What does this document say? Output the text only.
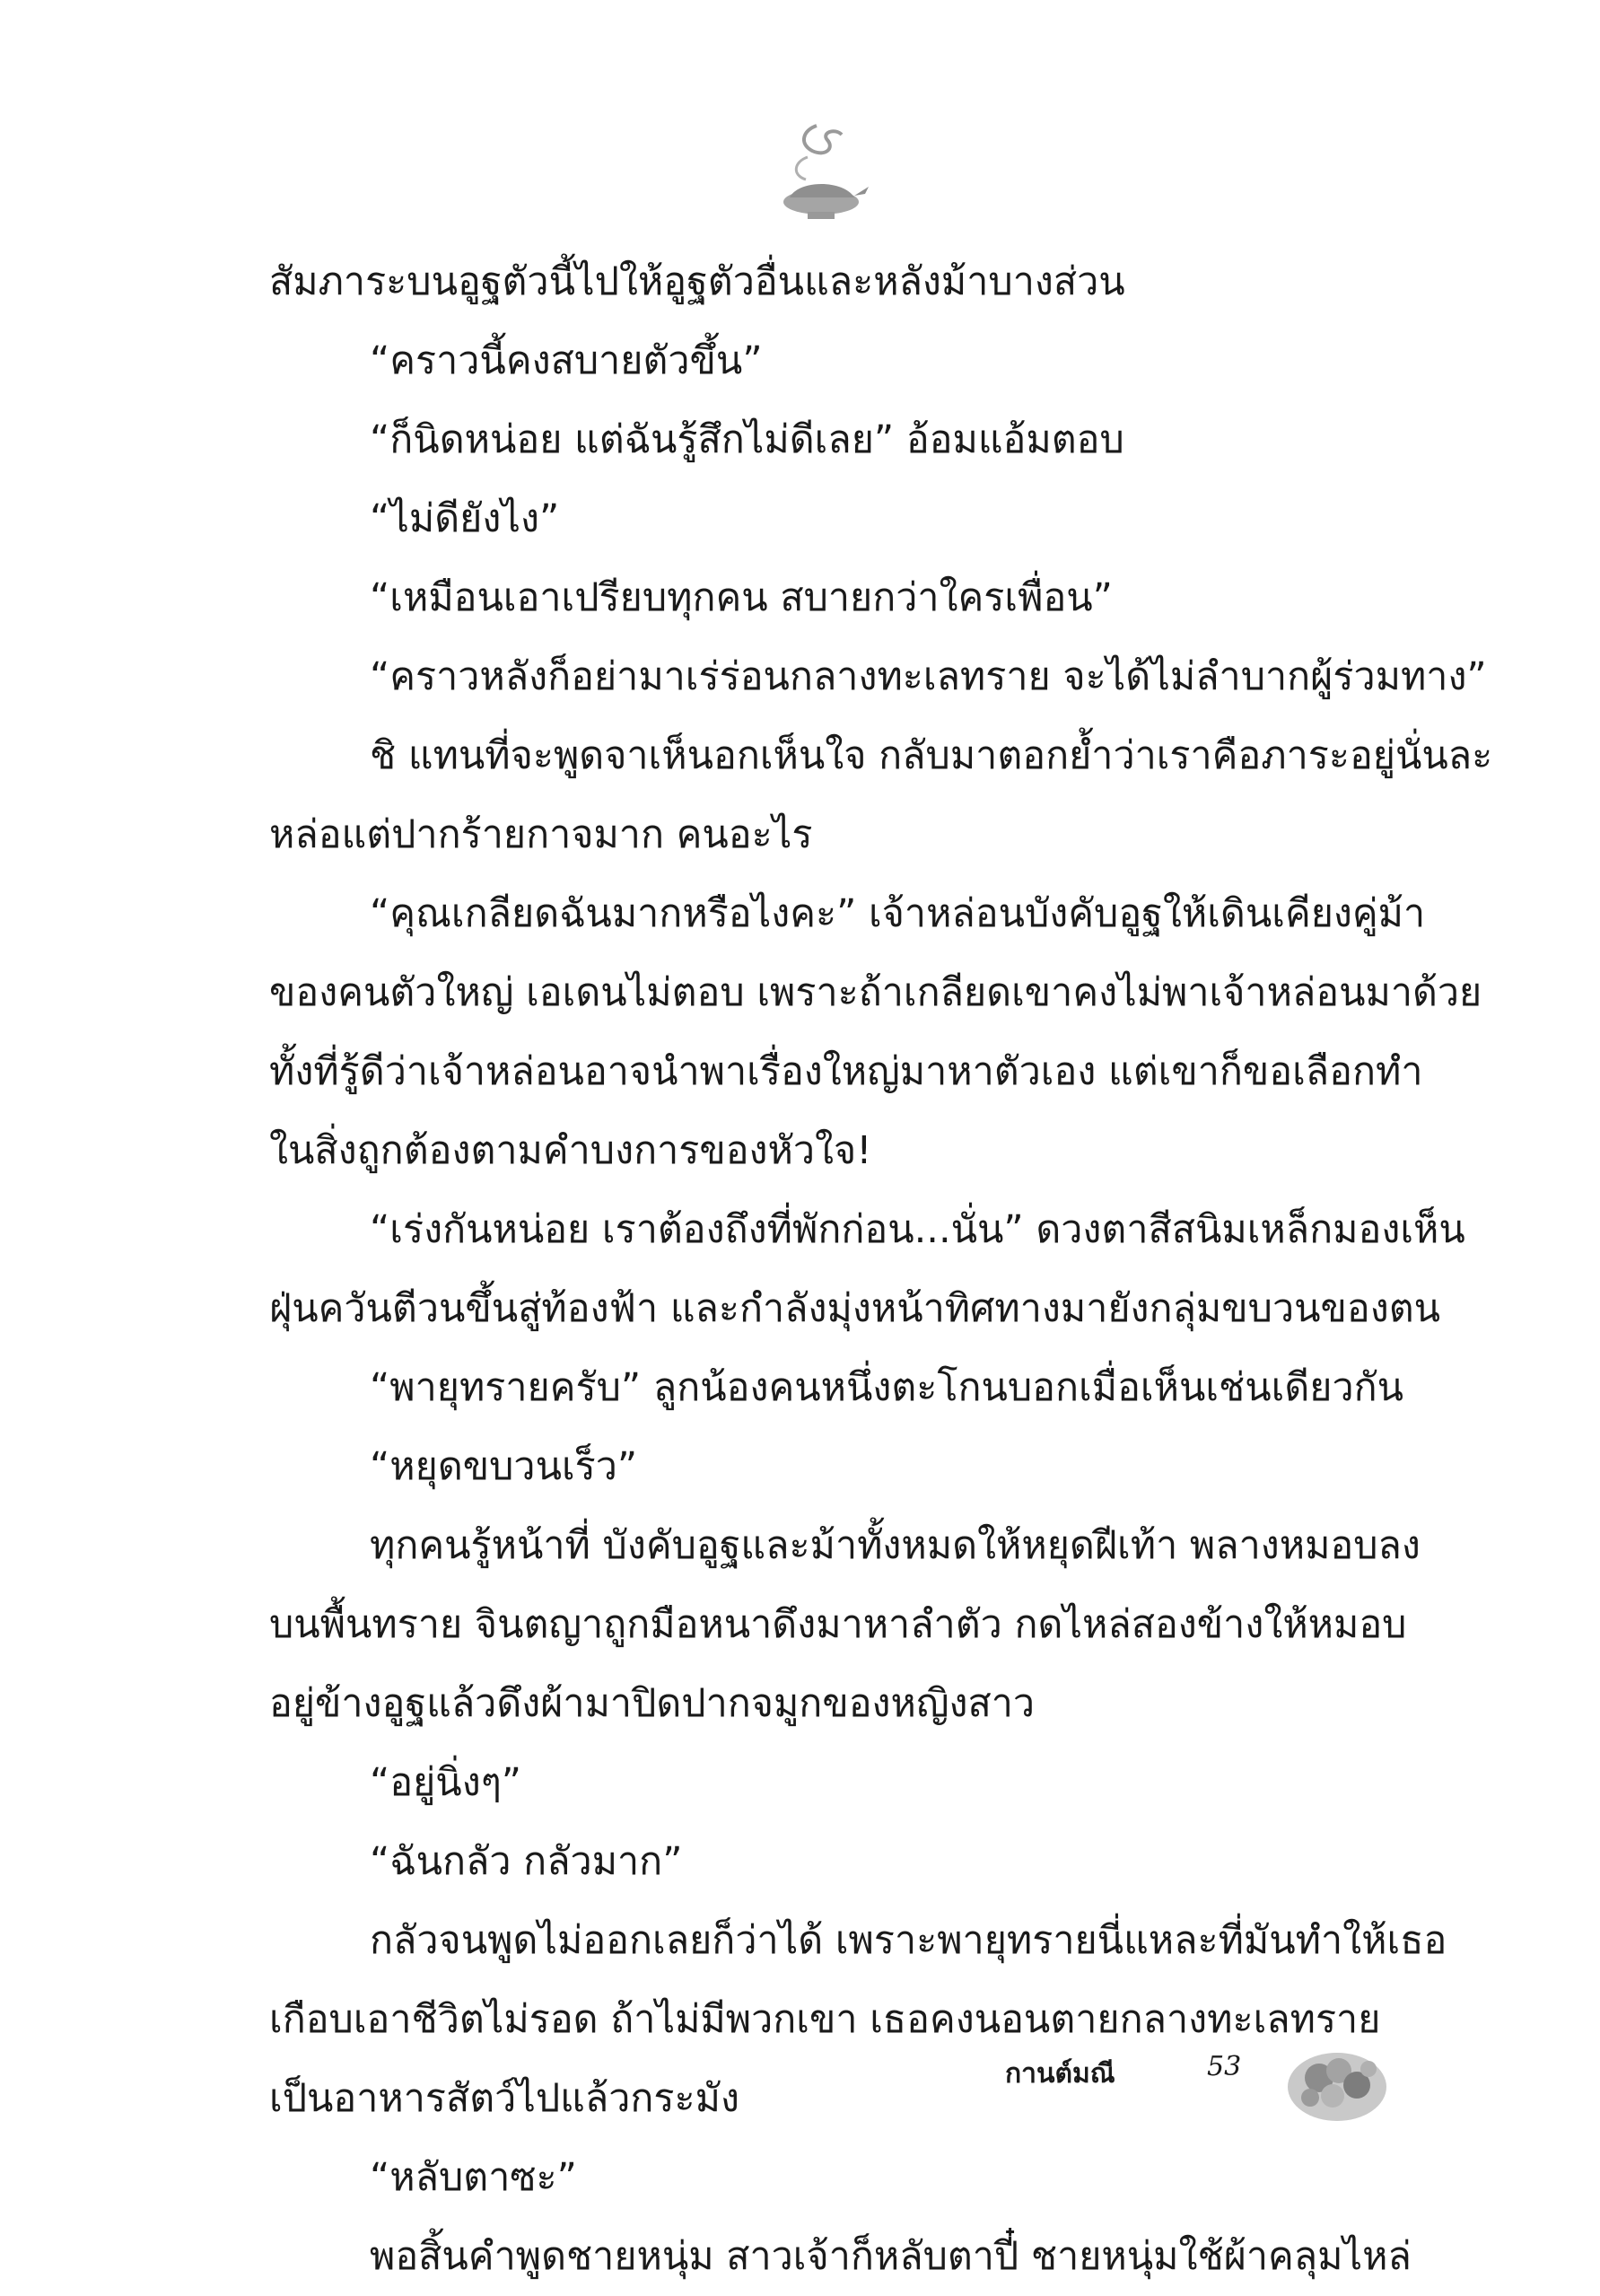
สัมภาระบนอูฐตัวนี้ไปให้อูฐตัวอื่นและหลังม้าบางส่วน

“คราวนี้คงสบายตัวขึ้น”

“ก็นิดหน่อย แต่ฉันรู้สึกไม่ดีเลย” อ้อมแอ้มตอบ

“ไม่ดียังไง”

“เหมือนเอาเปรียบทุกคน สบายกว่าใครเพื่อน”

“คราวหลังก็อย่ามาเร่ร่อนกลางทะเลทราย จะได้ไม่ลำบากผู้ร่วมทาง”

ชิ แทนที่จะพูดจาเห็นอกเห็นใจ กลับมาตอกย้ำว่าเราคือภาระอยู่นั่นละ

หล่อแต่ปากร้ายกาจมาก คนอะไร

“คุณเกลียดฉันมากหรือไงคะ” เจ้าหล่อนบังคับอูฐให้เดินเคียงคู่ม้า

ของคนตัวใหญ่ เอเดนไม่ตอบ เพราะถ้าเกลียดเขาคงไม่พาเจ้าหล่อนมาด้วย

ทั้งที่รู้ดีว่าเจ้าหล่อนอาจนำพาเรื่องใหญ่มาหาตัวเอง แต่เขาก็ขอเลือกทำ

ในสิ่งถูกต้องตามคำบงการของหัวใจ!

“เร่งกันหน่อย เราต้องถึงที่พักก่อน...นั่น” ดวงตาสีสนิมเหล็กมองเห็น

ฝุ่นควันตีวนขึ้นสู่ท้องฟ้า และกำลังมุ่งหน้าทิศทางมายังกลุ่มขบวนของตน

“พายุทรายครับ” ลูกน้องคนหนึ่งตะโกนบอกเมื่อเห็นเช่นเดียวกัน

“หยุดขบวนเร็ว”

ทุกคนรู้หน้าที่ บังคับอูฐและม้าทั้งหมดให้หยุดฝีเท้า พลางหมอบลง

บนพื้นทราย จินตญาถูกมือหนาดึงมาหาลำตัว กดไหล่สองข้างให้หมอบ

อยู่ข้างอูฐแล้วดึงผ้ามาปิดปากจมูกของหญิงสาว

“อยู่นิ่งๆ”

“ฉันกลัว กลัวมาก”

กลัวจนพูดไม่ออกเลยก็ว่าได้ เพราะพายุทรายนี่แหละที่มันทำให้เธอ

เกือบเอาชีวิตไม่รอด ถ้าไม่มีพวกเขา เธอคงนอนตายกลางทะเลทราย

เป็นอาหารสัตว์ไปแล้วกระมัง

“หลับตาซะ”

พอสิ้นคำพูดชายหนุ่ม สาวเจ้าก็หลับตาปี๋ ชายหนุ่มใช้ผ้าคลุมไหล่

กานต์มณี	53
